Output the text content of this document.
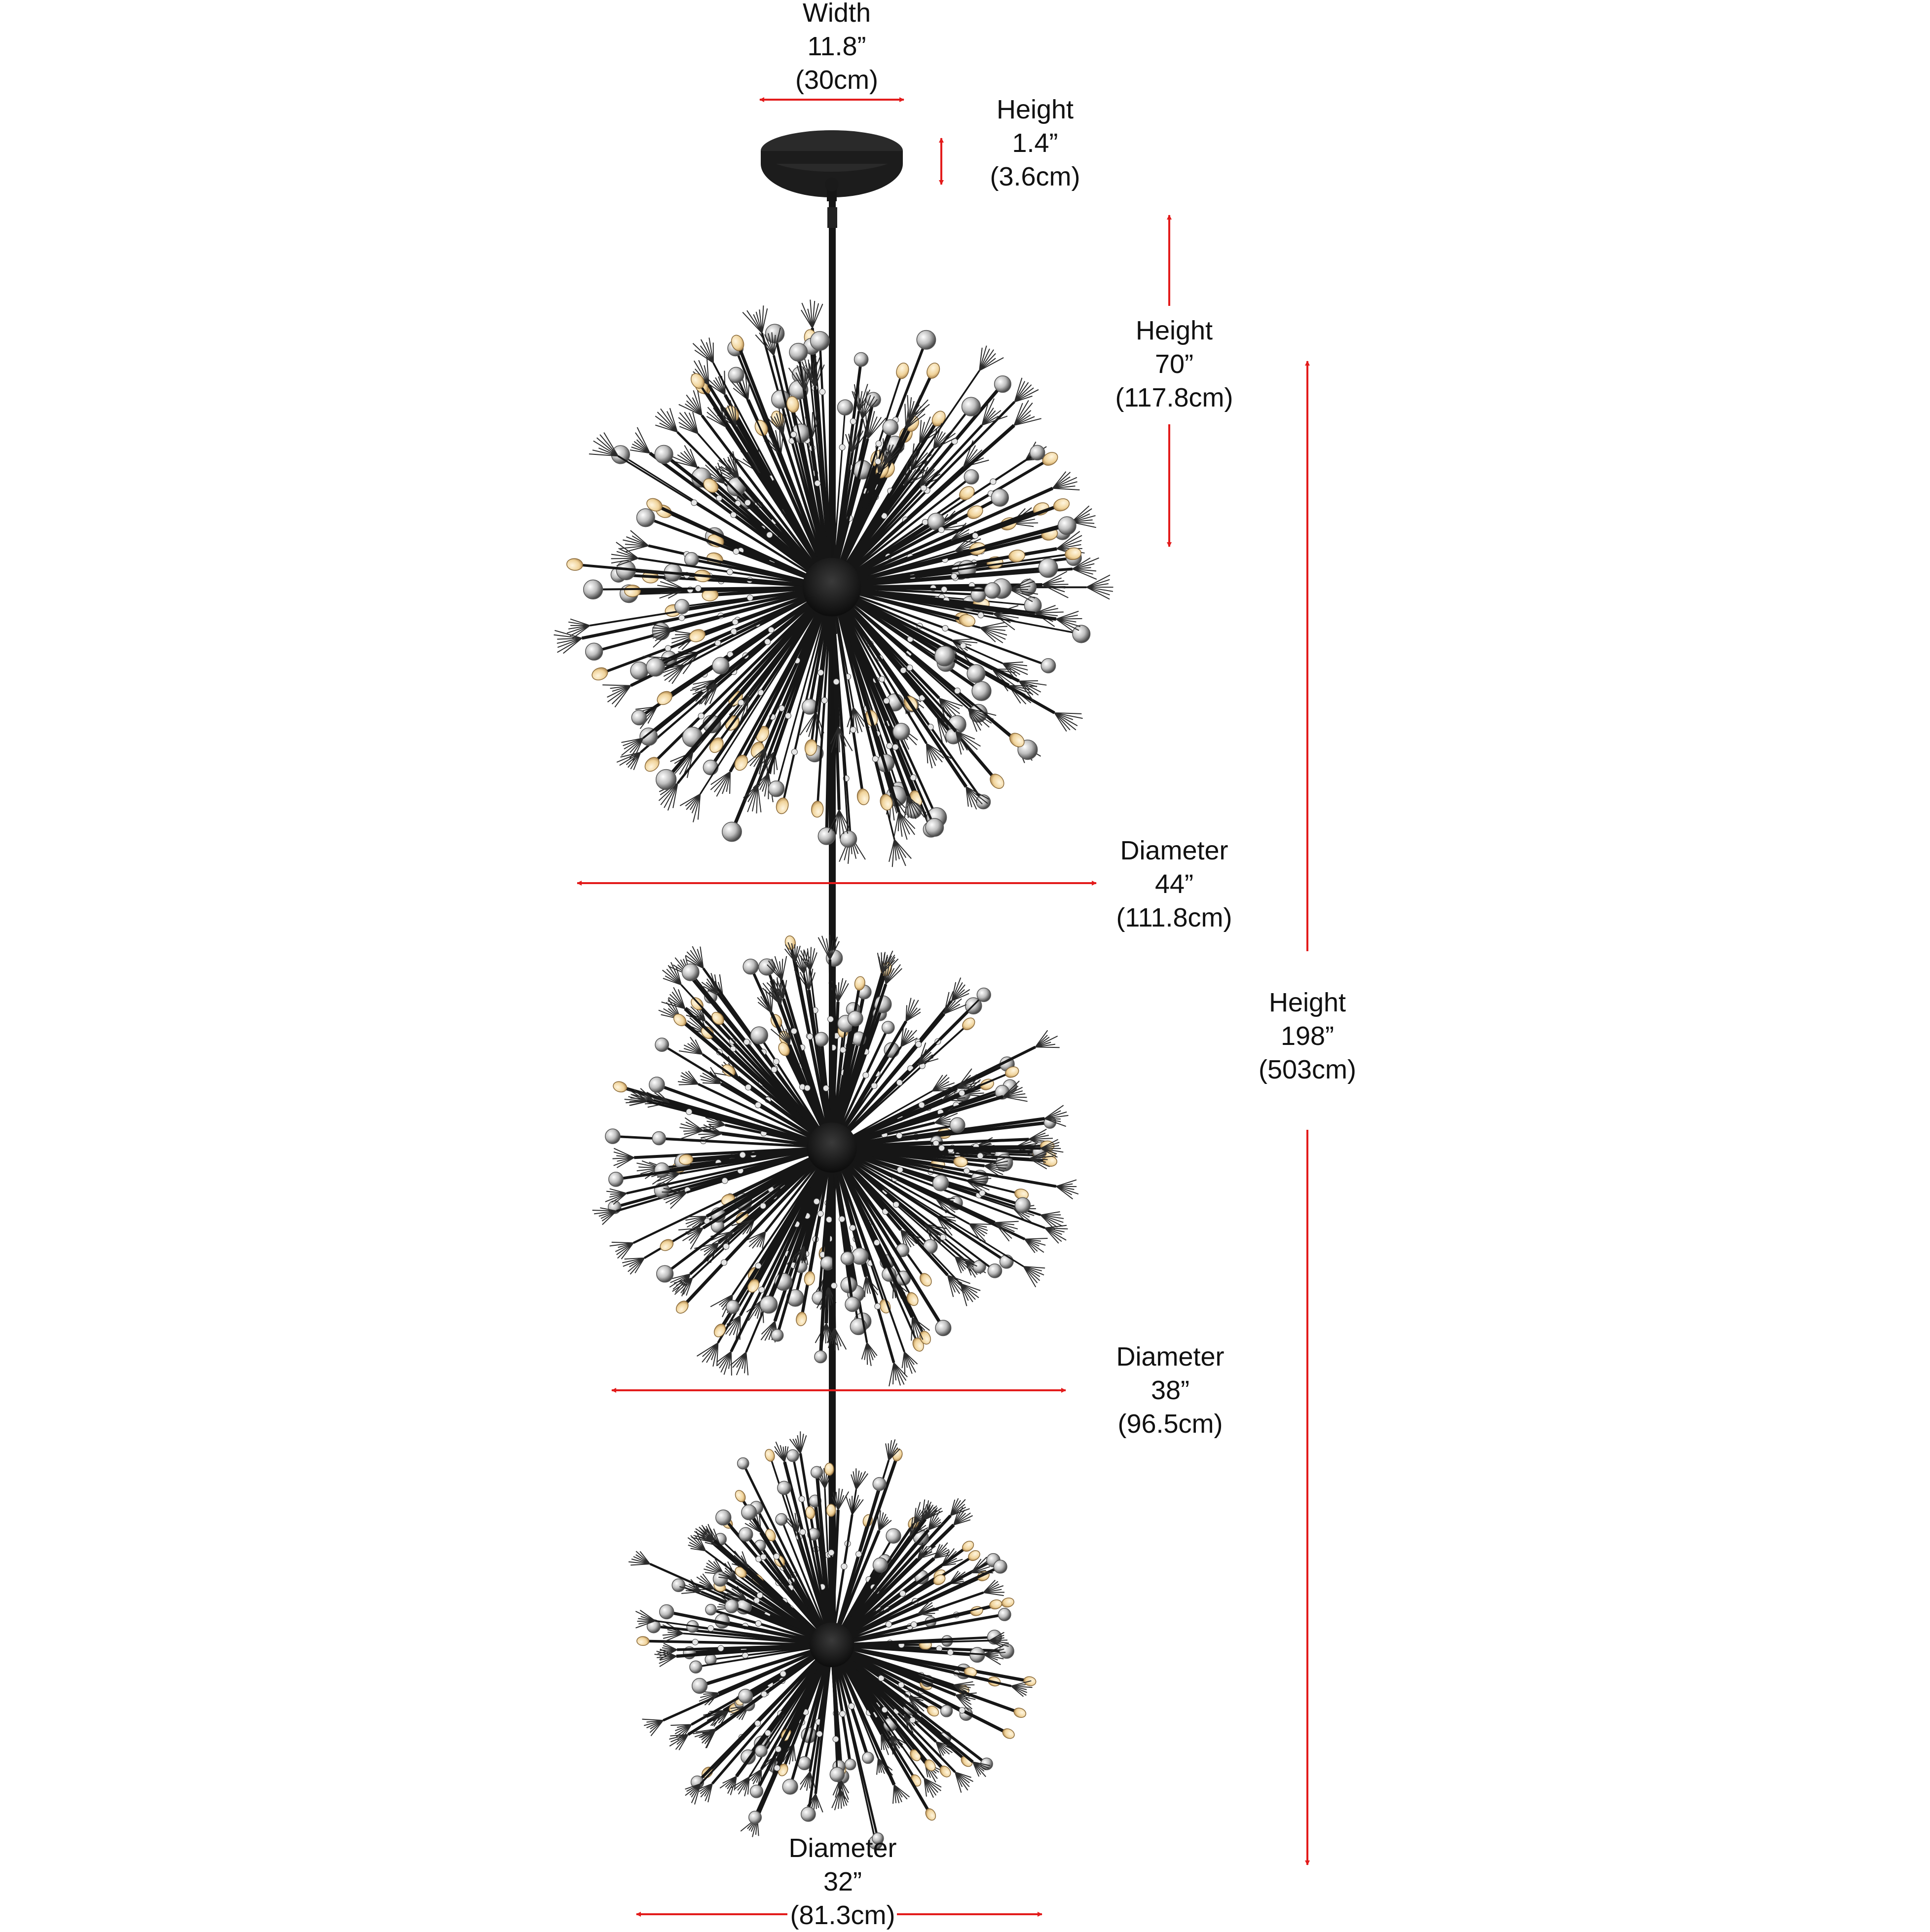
Width
11.8”
(30cm)
Height
1.4”
(3.6cm)
Height
70”
(117.8cm)
Height
198”
(503cm)
Diameter
44”
(111.8cm)
Diameter
38”
(96.5cm)
Diameter
32”
(81.3cm)
